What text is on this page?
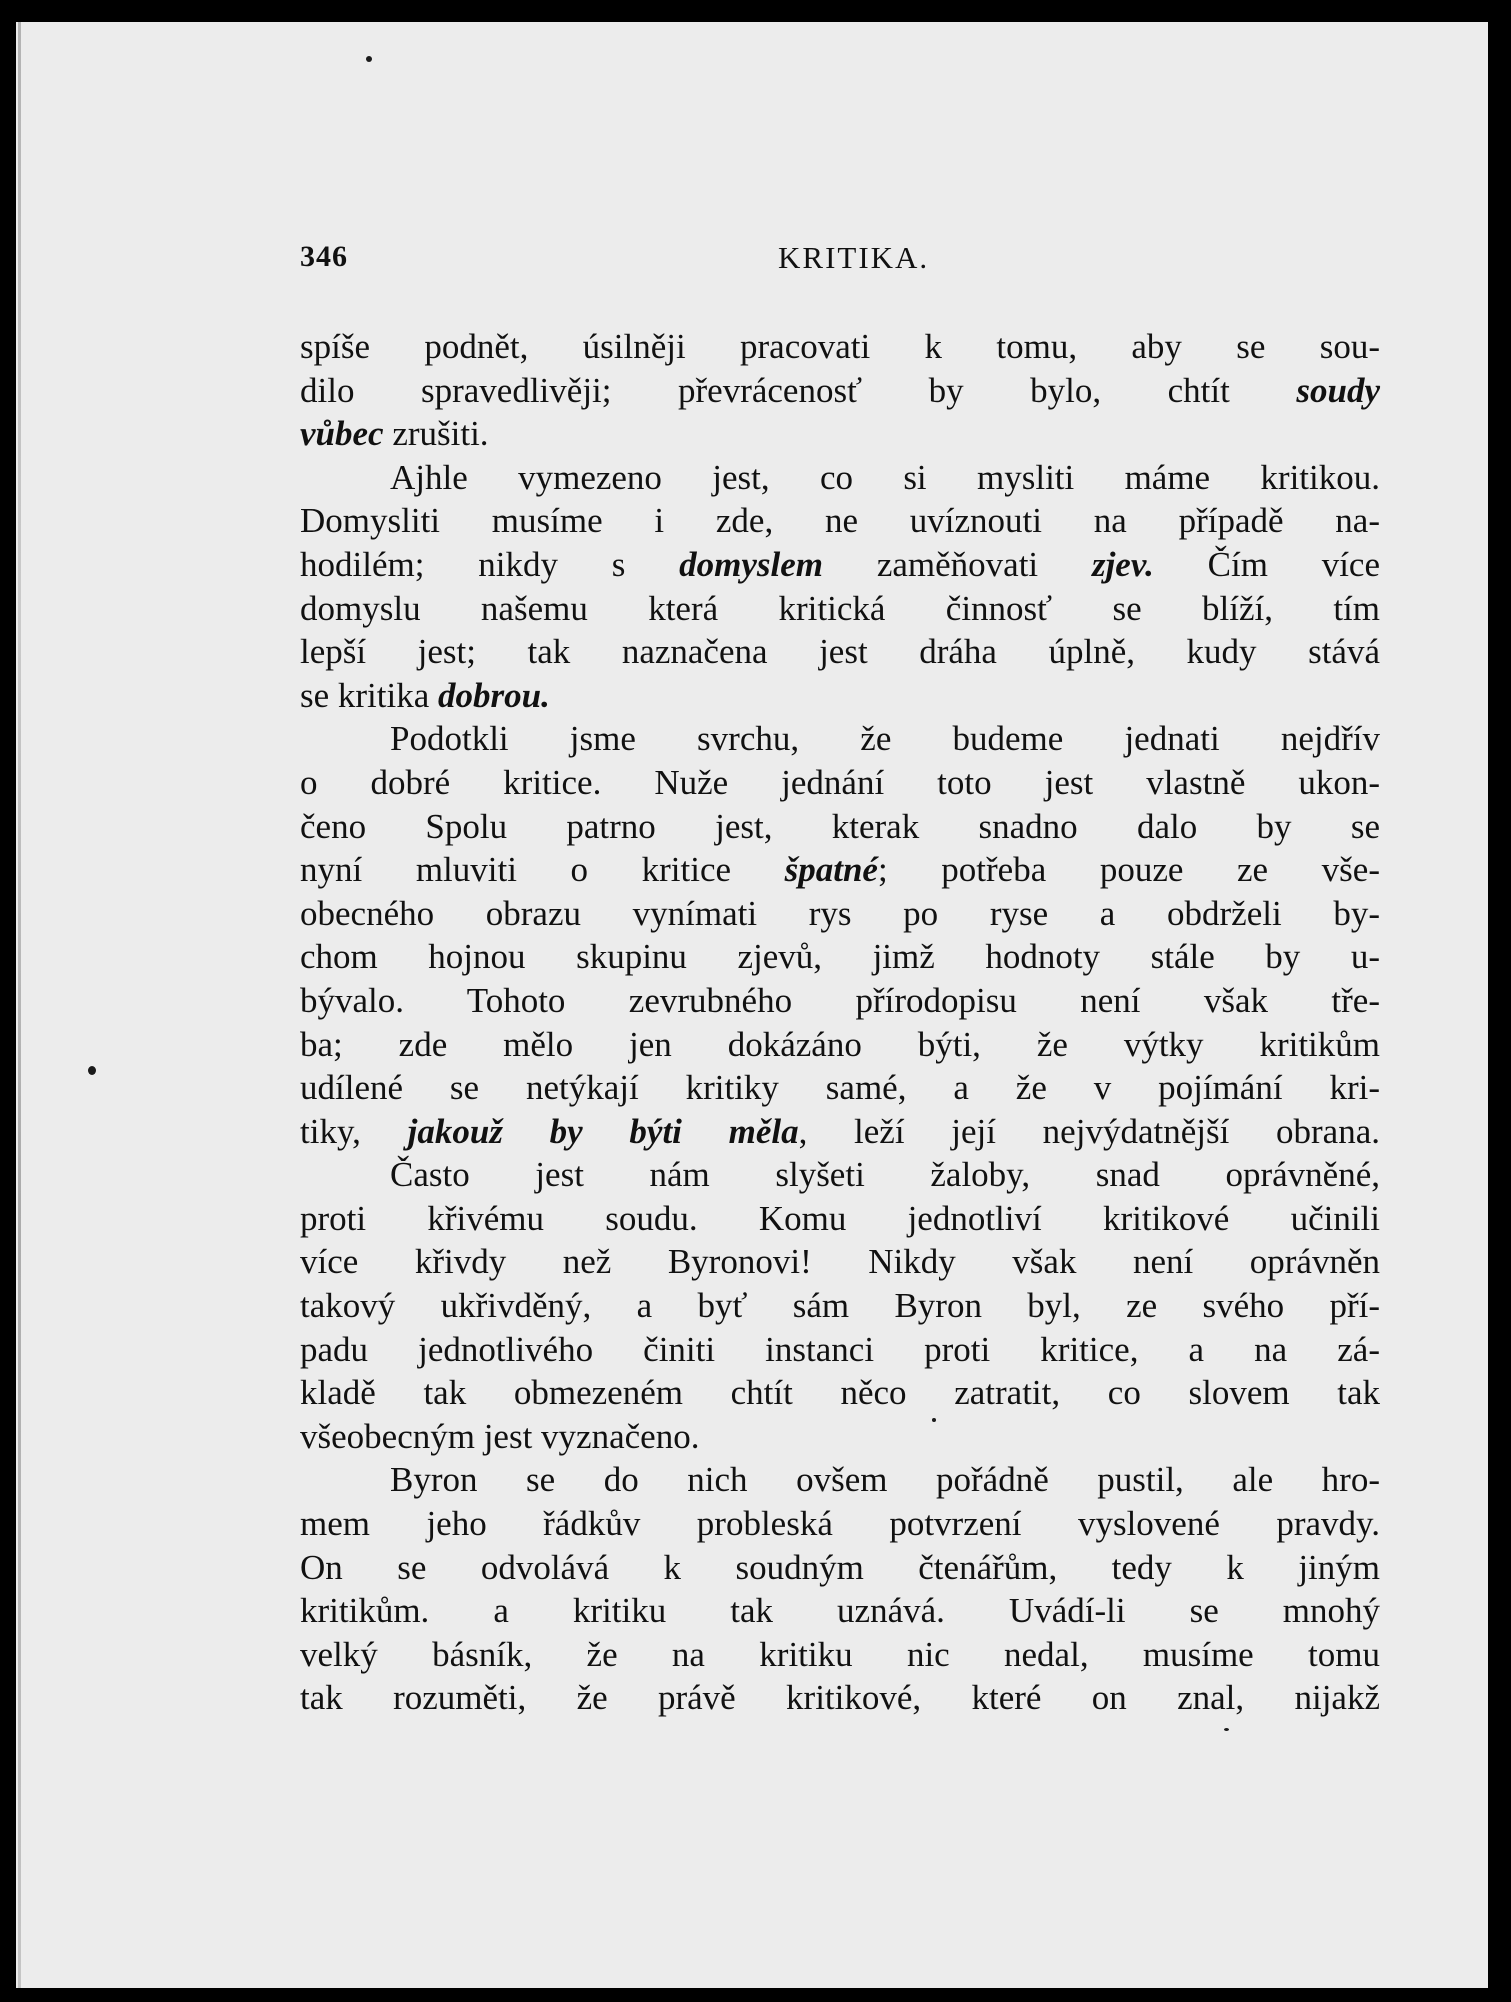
346	KRITIKA.
spíše podnět, úsilněji pracovati k tomu, aby se sou-
dilo spravedlivěji; převrácenosť by bylo, chtít soudy
vůbec zrušiti.
Ajhle vymezeno jest, co si mysliti máme kritikou.
Domysliti musíme i zde, ne uvíznouti na případě na-
hodilém; nikdy s domyslem zaměňovati zjev. Čím více
domyslu našemu která kritická činnosť se blíží, tím
lepší jest; tak naznačena jest dráha úplně, kudy stává
se kritika dobrou.
Podotkli jsme svrchu, že budeme jednati nejdřív
o dobré kritice. Nuže jednání toto jest vlastně ukon-
čeno Spolu patrno jest, kterak snadno dalo by se
nyní mluviti o kritice špatné; potřeba pouze ze vše-
obecného obrazu vynímati rys po ryse a obdrželi by-
chom hojnou skupinu zjevů, jimž hodnoty stále by u-
bývalo. Tohoto zevrubného přírodopisu není však tře-
ba; zde mělo jen dokázáno býti, že výtky kritikům
udílené se netýkají kritiky samé, a že v pojímání kri-
tiky, jakouž by býti měla, leží její nejvýdatnější obrana.
Často jest nám slyšeti žaloby, snad oprávněné,
proti křivému soudu. Komu jednotliví kritikové učinili
více křivdy než Byronovi! Nikdy však není oprávněn
takový ukřivděný, a byť sám Byron byl, ze svého pří-
padu jednotlivého činiti instanci proti kritice, a na zá-
kladě tak obmezeném chtít něco zatratit, co slovem tak
všeobecným jest vyznačeno.
Byron se do nich ovšem pořádně pustil, ale hro-
mem jeho řádkův probleská potvrzení vyslovené pravdy.
On se odvolává k soudným čtenářům, tedy k jiným
kritikům. a kritiku tak uznává. Uvádí-li se mnohý
velký básník, že na kritiku nic nedal, musíme tomu
tak rozuměti, že právě kritikové, které on znal, nijakž
